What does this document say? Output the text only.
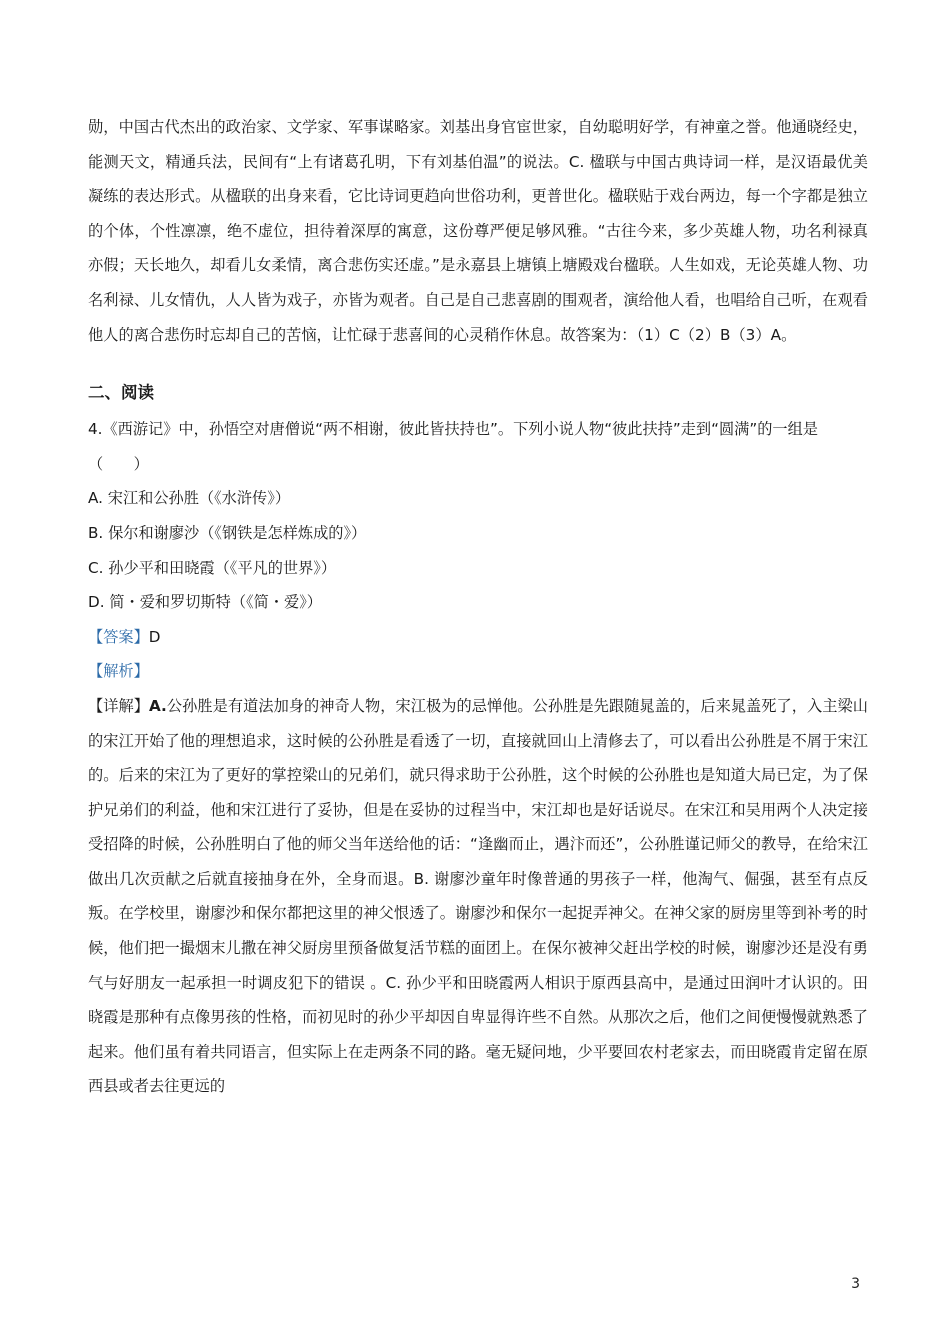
勋，中国古代杰出的政治家、文学家、军事谋略家。刘基出身官宦世家，自幼聪明好学，有神童之誉。他通晓经史，能测天文，精通兵法，民间有“上有诸葛孔明，下有刘基伯温”的说法。C. 楹联与中国古典诗词一样，是汉语最优美凝练的表达形式。从楹联的出身来看，它比诗词更趋向世俗功利，更普世化。楹联贴于戏台两边，每一个字都是独立的个体，个性凛凛，绝不虚位，担待着深厚的寓意，这份尊严便足够风雅。“古往今来，多少英雄人物，功名利禄真亦假；天长地久，却看儿女柔情，离合悲伤实还虚。”是永嘉县上塘镇上塘殿戏台楹联。人生如戏，无论英雄人物、功名利禄、儿女情仇，人人皆为戏子，亦皆为观者。自己是自己悲喜剧的围观者，演给他人看，也唱给自己听，在观看他人的离合悲伤时忘却自己的苦恼，让忙碌于悲喜间的心灵稍作休息。故答案为：（1）C（2）B（3）A。

二、阅读

4.《西游记》中，孙悟空对唐僧说“两不相谢，彼此皆扶持也”。下列小说人物“彼此扶持”走到“圆满”的一组是（　　）

A. 宋江和公孙胜（《水浒传》）

B. 保尔和谢廖沙（《钢铁是怎样炼成的》）

C. 孙少平和田晓霞（《平凡的世界》）

D. 简・爱和罗切斯特（《简・爱》）

【答案】D

【解析】

【详解】A.公孙胜是有道法加身的神奇人物，宋江极为的忌惮他。公孙胜是先跟随晁盖的，后来晁盖死了，入主梁山的宋江开始了他的理想追求，这时候的公孙胜是看透了一切，直接就回山上清修去了，可以看出公孙胜是不屑于宋江的。后来的宋江为了更好的掌控梁山的兄弟们，就只得求助于公孙胜，这个时候的公孙胜也是知道大局已定，为了保护兄弟们的利益，他和宋江进行了妥协，但是在妥协的过程当中，宋江却也是好话说尽。在宋江和吴用两个人决定接受招降的时候，公孙胜明白了他的师父当年送给他的话：“逢幽而止，遇汴而还”，公孙胜谨记师父的教导，在给宋江做出几次贡献之后就直接抽身在外，全身而退。B. 谢廖沙童年时像普通的男孩子一样，他淘气、倔强，甚至有点反叛。在学校里，谢廖沙和保尔都把这里的神父恨透了。谢廖沙和保尔一起捉弄神父。在神父家的厨房里等到补考的时候，他们把一撮烟末儿撒在神父厨房里预备做复活节糕的面团上。在保尔被神父赶出学校的时候，谢廖沙还是没有勇气与好朋友一起承担一时调皮犯下的错误 。C. 孙少平和田晓霞两人相识于原西县高中，是通过田润叶才认识的。田晓霞是那种有点像男孩的性格，而初见时的孙少平却因自卑显得许些不自然。从那次之后，他们之间便慢慢就熟悉了起来。他们虽有着共同语言，但实际上在走两条不同的路。毫无疑问地，少平要回农村老家去，而田晓霞肯定留在原西县或者去往更远的

3
